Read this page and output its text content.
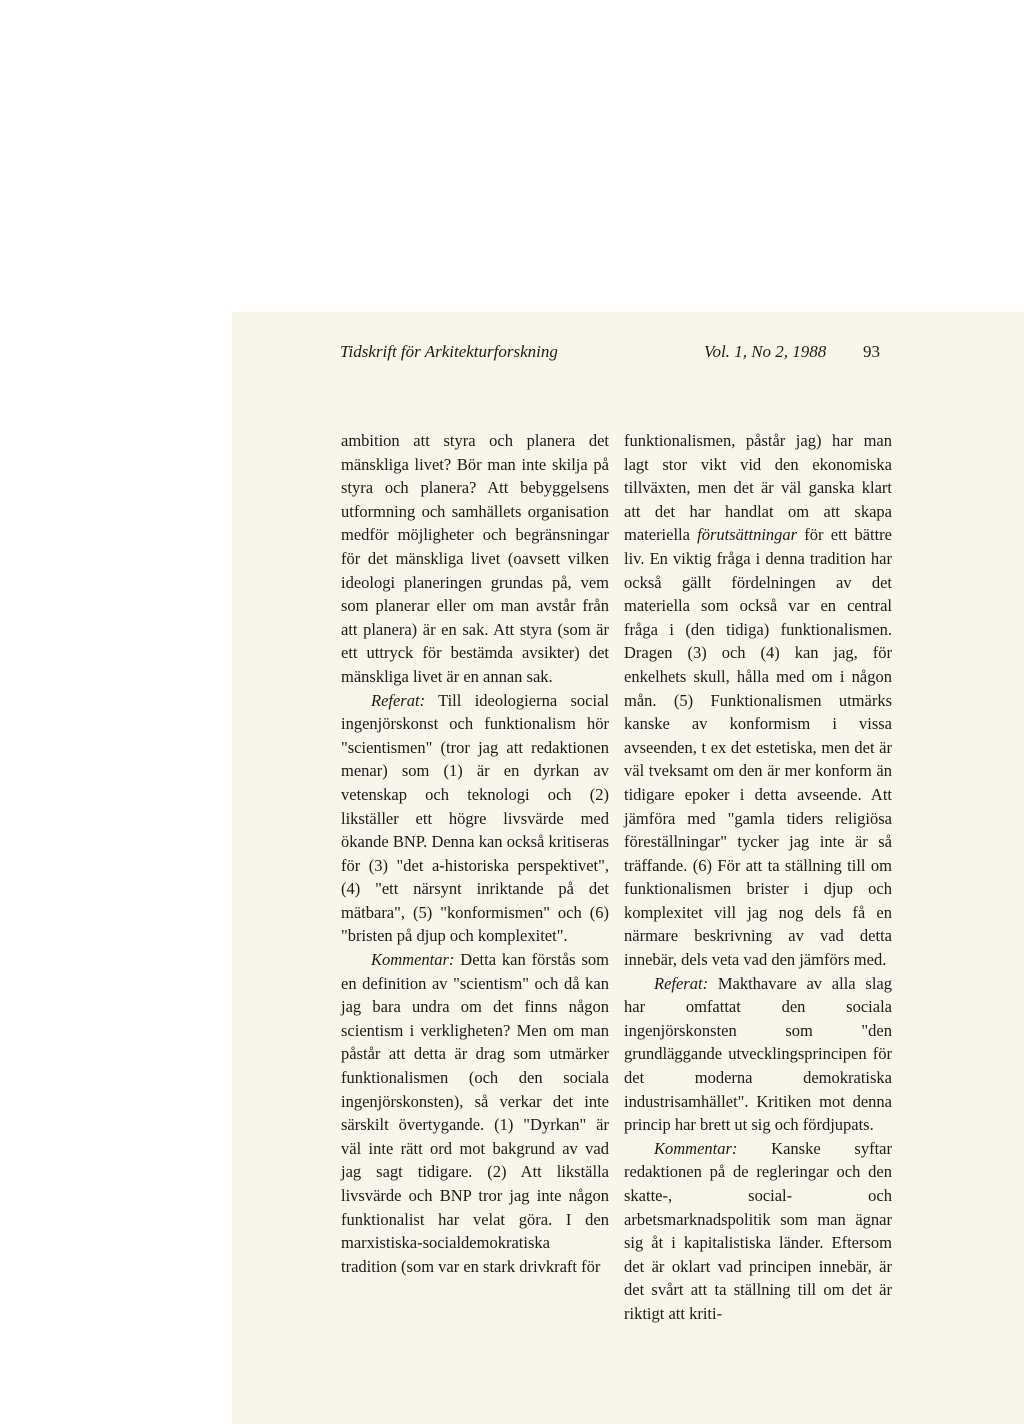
Tidskrift för Arkitekturforskning	Vol. 1, No 2, 1988 93

ambition att styra och planera det mänskliga livet? Bör man inte skilja på styra och planera? Att bebyggelsens utformning och samhällets organisation medför möjligheter och begränsningar för det mänskliga livet (oavsett vilken ideologi planeringen grundas på, vem som planerar eller om man avstår från att planera) är en sak. Att styra (som är ett uttryck för bestämda avsikter) det mänskliga livet är en annan sak.

Referat: Till ideologierna social ingenjörskonst och funktionalism hör "scientismen" (tror jag att redaktionen menar) som (1) är en dyrkan av vetenskap och teknologi och (2) likställer ett högre livsvärde med ökande BNP. Denna kan också kritiseras för (3) "det a-historiska perspektivet", (4) "ett närsynt inriktande på det mätbara", (5) "konformismen" och (6) "bristen på djup och komplexitet".

Kommentar: Detta kan förstås som en definition av "scientism" och då kan jag bara undra om det finns någon scientism i verkligheten? Men om man påstår att detta är drag som utmärker funktionalismen (och den sociala ingenjörskonsten), så verkar det inte särskilt övertygande. (1) "Dyrkan" är väl inte rätt ord mot bakgrund av vad jag sagt tidigare. (2) Att likställa livsvärde och BNP tror jag inte någon funktionalist har velat göra. I den marxistiska-socialdemokratiska tradition (som var en stark drivkraft för

funktionalismen, påstår jag) har man lagt stor vikt vid den ekonomiska tillväxten, men det är väl ganska klart att det har handlat om att skapa materiella förutsättningar för ett bättre liv. En viktig fråga i denna tradition har också gällt fördelningen av det materiella som också var en central fråga i (den tidiga) funktionalismen. Dragen (3) och (4) kan jag, för enkelhets skull, hålla med om i någon mån. (5) Funktionalismen utmärks kanske av konformism i vissa avseenden, t ex det estetiska, men det är väl tveksamt om den är mer konform än tidigare epoker i detta avseende. Att jämföra med "gamla tiders religiösa föreställningar" tycker jag inte är så träffande. (6) För att ta ställning till om funktionalismen brister i djup och komplexitet vill jag nog dels få en närmare beskrivning av vad detta innebär, dels veta vad den jämförs med.

Referat: Makthavare av alla slag har omfattat den sociala ingenjörskonsten som "den grundläggande utvecklingsprincipen för det moderna demokratiska industrisamhället". Kritiken mot denna princip har brett ut sig och fördjupats.

Kommentar: Kanske syftar redaktionen på de regleringar och den skatte-, social- och arbetsmarknadspolitik som man ägnar sig åt i kapitalistiska länder. Eftersom det är oklart vad principen innebär, är det svårt att ta ställning till om det är riktigt att kriti-
